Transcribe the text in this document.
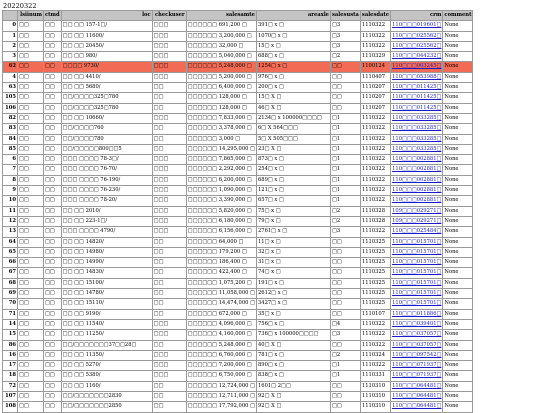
20220322
	lsiinum	ctmd	loc	checkuser	salesamte	areaxle	salesusta	salesdate	crm	comment
0	□□	□□	□□ □□ 157-1□/	□□□	□□□□□□ 691,200 □	391□ x □	□3	1110322	110□□□019601□	None
1	□□	□□	□□ □□ 11600/	□□□	□□□□□□ 3,200,000 □	1070□ x □	□3	1110322	110□□□025562□	None
2	□□	□□	□□ □□ 20450/	□□□	□□□□□□ 32,000 □	15□ x □	□3	1110322	110□□□025562□	None
3	□□	□□	□□ □□ 980/	□□□	□□□□□□ 5,040,000 □	688□ x □	□2	1110329	110□□□044232□	None
62	□□	□□	□□□□ 9730/	□□□	□□□□□□ 5,248,000 □	1254□ x □	□□	1100124	110□□□003245□	None
4	□□	□□	□□ □□ 4410/	□□□	□□□□□□ 5,200,000 □	976□ x □	□□	1110407	110□□□053988□	None
63	□□	□□	□□ □□ 5680/	□□	□□□□□□ 6,400,000 □	200□ x □	□□	1110207	110□□□011425□	None
105	□□	□□	□□/□□□□325□780	□□	□□□□□□ 128,000 □	15□ X □	□□	1110207	110□□□011425□	None
106	□□	□□	□□/□□□□325□780	□□	□□□□□□ 128,000 □	46□ X □	□□	1110207	110□□□011425□	None
82	□□	□□	□□ □□ 10660/	□□□	□□□□□□ 7,833,000 □	2134□ x 100000□□□□	□1	1110322	110□□□033285□	None
83	□□	□□	□□/□□□□760	□□	□□□□□□ 3,378,000 □	6□ X 564□□□	□1	1110322	110□□□033285□	None
84	□□	□□	□□/□□□□780	□□	□□□□□□ 3,000 □	5□ X 505□□□	□1	1110322	110□□□033285□	None
85	□□	□□	□□/□□□□□800□□5	□□	□□□□□□ 14,295,000 □	23□ X □	□1	1110322	110□□□033285□	None
6	□□	□□	□□□ □□□□ 78-3□/	□□□	□□□□□□ 7,865,000 □	873□ x □	□1	1110322	110□□□002881□	None
7	□□	□□	□□□ □□□□ 76-70/	□□□	□□□□□□ 2,292,000 □	254□ x □	□1	1110322	110□□□002881□	None
8	□□	□□	□□□ □□□□ 76-190/	□□□	□□□□□□ 6,200,000 □	689□ x □	□1	1110322	110□□□002881□	None
9	□□	□□	□□□ □□□□ 76-230/	□□□	□□□□□□ 1,090,000 □	121□ x □	□1	1110322	110□□□002881□	None
10	□□	□□	□□□ □□□□ 78-20/	□□□	□□□□□□ 3,390,000 □	657□ x □	□1	1110322	110□□□002881□	None
11	□□	□□	□□ □□ 2010/	□□□	□□□□□□ 5,820,000 □	75□ x □	□2	1110328	109□□□029271□	None
12	□□	□□	□□ □□ 223-1□/	□□□	□□□□□□ 6,180,000 □	79□ x □	□2	1110328	109□□□029271□	None
13	□□	□□	□□□ □□□□ 4790/	□□□	□□□□□□ 6,156,000 □	2761□ x □	□3	1110322	110□□□025484□	None
64	□□	□□	□□ □□ 14820/	□□	□□□□□□ 64,000 □	11□ x □	□□	1110325	110□□□015701□	None
65	□□	□□	□□ □□ 14980/	□□	□□□□□□ 179,200 □	32□ x □	□□	1110325	110□□□015701□	None
66	□□	□□	□□ □□ 14990/	□□	□□□□□□ 186,400 □	31□ x □	□□	1110325	110□□□015701□	None
67	□□	□□	□□ □□ 14830/	□□	□□□□□□ 422,400 □	74□ x □	□□	1110325	110□□□015701□	None
68	□□	□□	□□ □□ 15100/	□□	□□□□□□ 1,075,200 □	191□ x □	□□	1110325	110□□□015701□	None
69	□□	□□	□□ □□ 14780/	□□	□□□□□□ 11,058,000 □	2612□ x □	□□	1110325	110□□□015701□	None
70	□□	□□	□□ □□ 15110/	□□	□□□□□□ 14,474,000 □	3427□ x □	□□	1110325	110□□□015701□	None
71	□□	□□	□□ □□ 9190/	□□	□□□□□□ 672,000 □	35□ x □	□□	1110107	110□□□011886□	None
14	□□	□□	□□ □□ 11540/	□□□	□□□□□□ 4,096,000 □	756□ x □	□4	1110322	110□□□039401□	None
15	□□	□□	□□ □□ 11250/	□□□	□□□□□□ 4,160,000 □	736□ x 100000□□□□	□3	1110322	110□□□037057□	None
86	□□	□□	□□/□□□□□□□37□□28□	□□	□□□□□□ 5,248,000 □	40□ X □	□□	1110322	110□□□037057□	None
16	□□	□□	□□ □□ 11350/	□□□	□□□□□□ 6,760,000 □	781□ x □	□2	1110324	110□□□097542□	None
17	□□	□□	□□ □□ 5270/	□□□	□□□□□□ 7,200,000 □	890□ x □	□1	1110322	110□□□071937□	None
18	□□	□□	□□ □□ 5380/	□□□	□□□□□□ 6,750,000 □	838□ x □	□1	1110331	110□□□071937□	None
72	□□	□□	□□ □□ 1160/	□□	□□□□□□ 12,724,000 □	1601□ 2□□	□□	1110310	110□□□064481□	None
107	□□	□□	□□/□□□□□□□2830	□□	□□□□□□ 12,711,000 □	92□ X □	□□	1110310	110□□□064481□	None
108	□□	□□	□□/□□□□□□□2850	□□	□□□□□□ 17,792,000 □	92□ X □	□□	1110310	110□□□064481□	None
